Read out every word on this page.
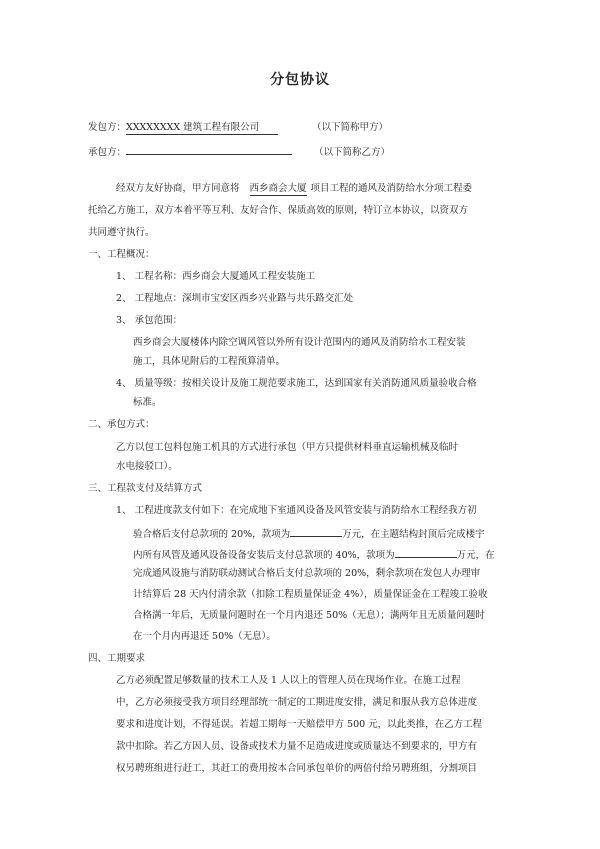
分包协议
发包方：XXXXXXXX 建筑工程有限公司	（以下简称甲方）
承包方：	（以下简称乙方）
经双方友好协商，甲方同意将 西乡商会大厦 项目工程的通风及消防给水分项工程委
托给乙方施工，双方本着平等互利、友好合作、保质高效的原则，特订立本协议，以资双方
共同遵守执行。
一、工程概况：
1、 工程名称：西乡商会大厦通风工程安装施工
2、 工程地点：深圳市宝安区西乡兴业路与共乐路交汇处
3、 承包范围：
西乡商会大厦楼体内除空调风管以外所有设计范围内的通风及消防给水工程安装
施工，具体见附后的工程预算清单。
4、 质量等级：按相关设计及施工规范要求施工，达到国家有关消防通风质量验收合格
标准。
二、承包方式：
乙方以包工包料包施工机具的方式进行承包（甲方只提供材料垂直运输机械及临时
水电接驳口）。
三、工程款支付及结算方式
1、 工程进度款支付如下：在完成地下室通风设备及风管安装与消防给水工程经我方初
验合格后支付总款项的 20%，款项为	万元，在主题结构封顶后完成楼宇
内所有风管及通风设备设备安装后支付总款项的 40%，款项为	万元，在
完成通风设施与消防联动测试合格后支付总款项的 20%，剩余款项在发包人办理审
计结算后 28 天内付清余款（扣除工程质量保证金 4%），质量保证金在工程竣工验收
合格满一年后，无质量问题时在一个月内退还 50%（无息）；满两年且无质量问题时
在一个月内再退还 50%（无息）。
四、工期要求
乙方必须配置足够数量的技术工人及 1 人以上的管理人员在现场作业。在施工过程
中，乙方必须接受我方项目经理部统一制定的工期进度安排，满足和服从我方总体进度
要求和进度计划，不得延误。若超工期每一天赔偿甲方 500 元，以此类推，在乙方工程
款中扣除。若乙方因人员、设备或技术力量不足造成进度或质量达不到要求的，甲方有
权另聘班组进行赶工，其赶工的费用按本合同承包单价的两倍付给另聘班组，分割项目
